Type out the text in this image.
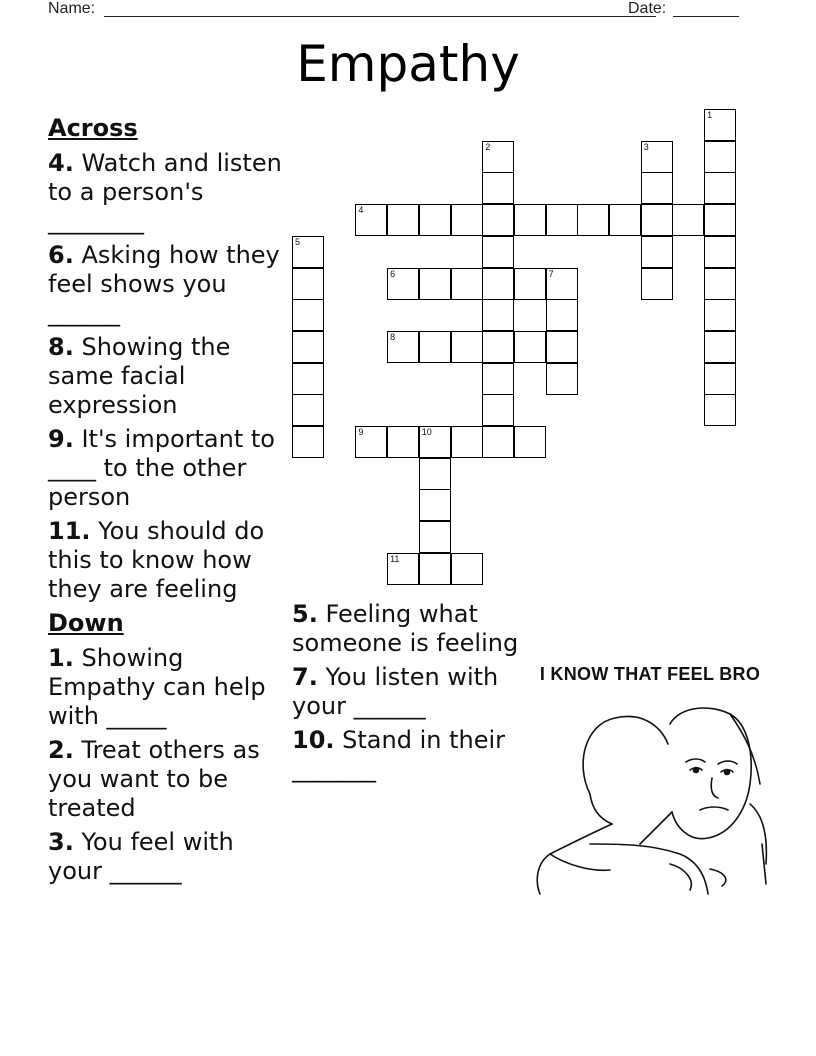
Name:	Date:
Empathy
Across
4. Watch and listen to a person's ________
6. Asking how they feel shows you ______
8. Showing the same facial expression
9. It's important to ____ to the other person
11. You should do this to know how they are feeling
Down
1. Showing Empathy can help with _____
2. Treat others as you want to be treated
3. You feel with your ______
5. Feeling what someone is feeling
7. You listen with your ______
10. Stand in their _______
4
6
8
9	10
11
1
2	3
5
7
I KNOW THAT FEEL BRO
